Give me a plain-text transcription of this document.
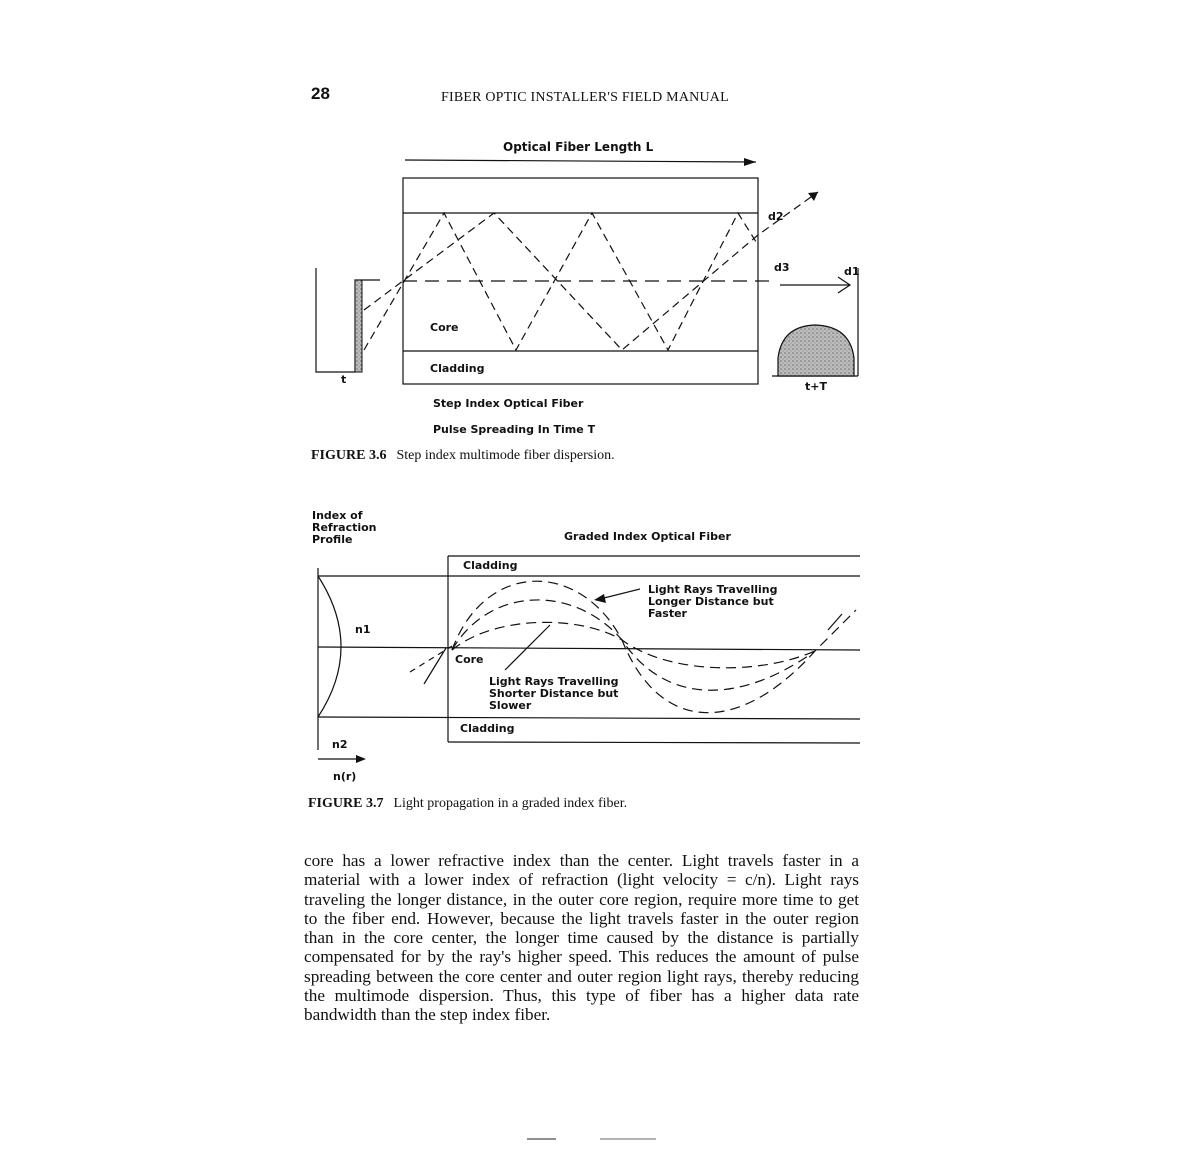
28	FIBER OPTIC INSTALLER'S FIELD MANUAL
Optical Fiber Length L
t
Core
Cladding
d2
d3	d1
t+T
Step Index Optical Fiber
Pulse Spreading In Time T
Index of
Refraction
Profile	Graded Index Optical Fiber
n1
n2
n(r)
Cladding
Cladding
Core
Light Rays Travelling
Longer Distance but
Faster
Light Rays Travelling
Shorter Distance but
Slower
FIGURE 3.6 Step index multimode fiber dispersion.
FIGURE 3.7 Light propagation in a graded index fiber.

core has a lower refractive index than the center. Light travels faster in a material with a lower index of refraction (light velocity = c/n). Light rays traveling the longer distance, in the outer core region, require more time to get to the fiber end. However, because the light travels faster in the outer region than in the core center, the longer time caused by the distance is partially compensated for by the ray's higher speed. This reduces the amount of pulse spreading between the core center and outer region light rays, thereby reducing the multimode dispersion. Thus, this type of fiber has a higher data rate bandwidth than the step index fiber.
